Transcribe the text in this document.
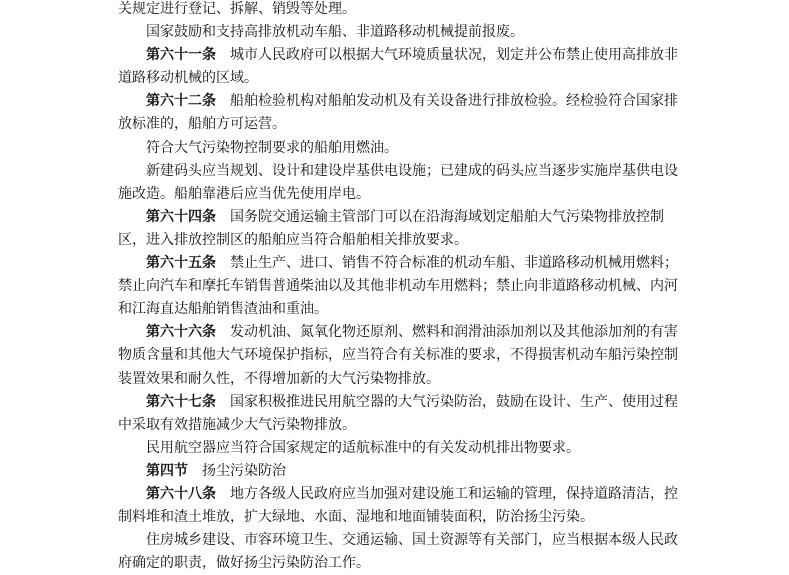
关规定进行登记、拆解、销毁等处理。
国家鼓励和支持高排放机动车船、非道路移动机械提前报废。
第六十一条 城市人民政府可以根据大气环境质量状况，划定并公布禁止使用高排放非
道路移动机械的区域。
第六十二条 船舶检验机构对船舶发动机及有关设备进行排放检验。经检验符合国家排
放标准的，船舶方可运营。
符合大气污染物控制要求的船舶用燃油。
新建码头应当规划、设计和建设岸基供电设施；已建成的码头应当逐步实施岸基供电设
施改造。船舶靠港后应当优先使用岸电。
第六十四条 国务院交通运输主管部门可以在沿海海域划定船舶大气污染物排放控制
区，进入排放控制区的船舶应当符合船舶相关排放要求。
第六十五条 禁止生产、进口、销售不符合标准的机动车船、非道路移动机械用燃料；
禁止向汽车和摩托车销售普通柴油以及其他非机动车用燃料；禁止向非道路移动机械、内河
和江海直达船舶销售渣油和重油。
第六十六条 发动机油、氮氧化物还原剂、燃料和润滑油添加剂以及其他添加剂的有害
物质含量和其他大气环境保护指标，应当符合有关标准的要求，不得损害机动车船污染控制
装置效果和耐久性，不得增加新的大气污染物排放。
第六十七条 国家积极推进民用航空器的大气污染防治，鼓励在设计、生产、使用过程
中采取有效措施减少大气污染物排放。
民用航空器应当符合国家规定的适航标准中的有关发动机排出物要求。
第四节 扬尘污染防治
第六十八条 地方各级人民政府应当加强对建设施工和运输的管理，保持道路清洁，控
制料堆和渣土堆放，扩大绿地、水面、湿地和地面铺装面积，防治扬尘污染。
住房城乡建设、市容环境卫生、交通运输、国土资源等有关部门，应当根据本级人民政
府确定的职责，做好扬尘污染防治工作。
